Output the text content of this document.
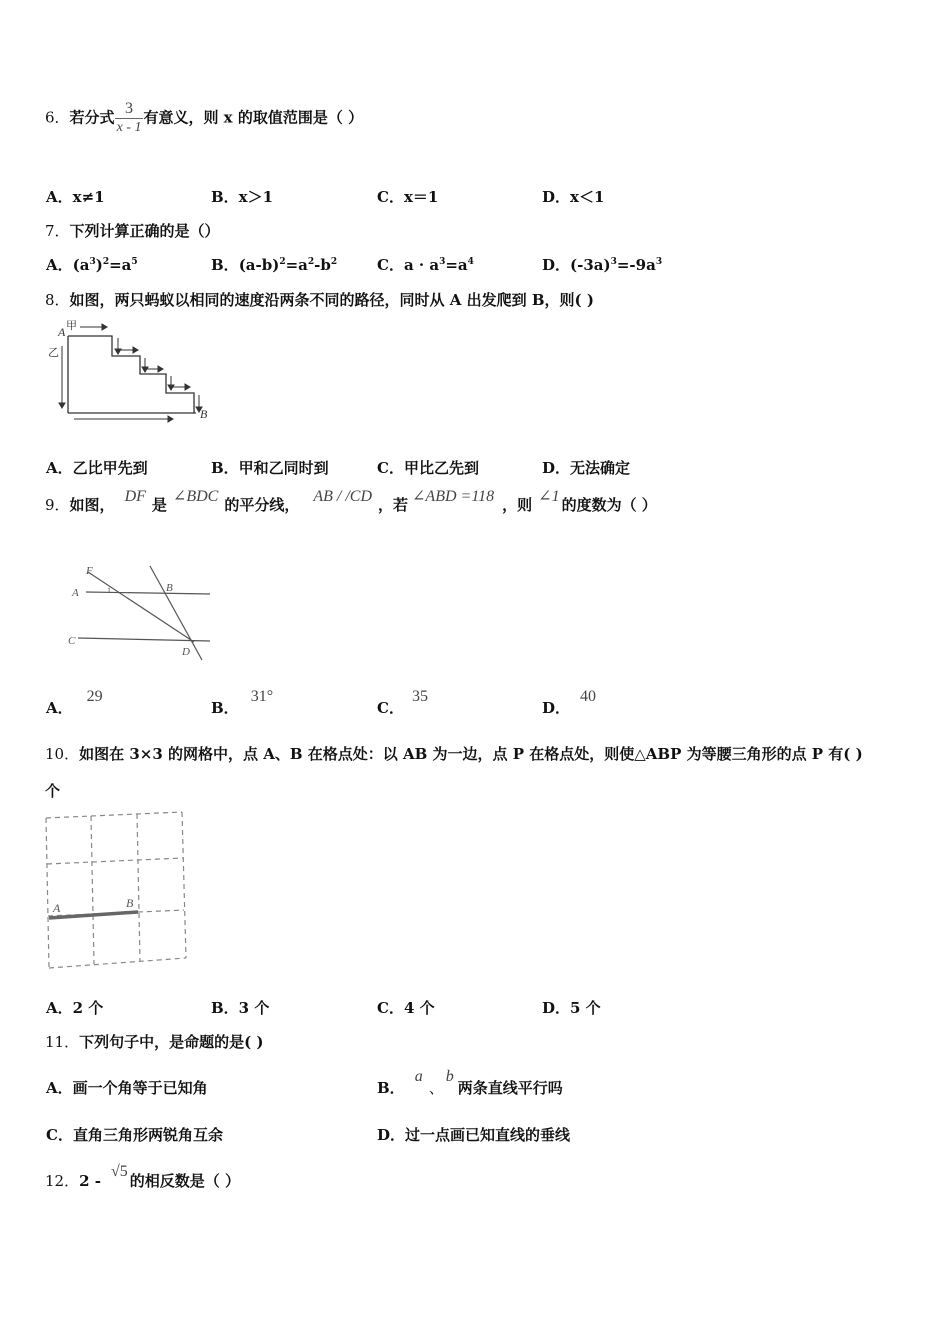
6．若分式 $\frac{3}{x - 1}$ 有意义，则 x 的取值范围是（ ）
A．x≠1	B．x＞1	C．x＝1	D．x＜1
7．下列计算正确的是（）
A．$(a^3)^2=a^5$	B．$(a-b)^2=a^2-b^2$	C．$a \cdot a^3=a^4$	D．$(-3a)^3=-9a^3$
8．如图，两只蚂蚁以相同的速度沿两条不同的路径，同时从 A 出发爬到 B，则( )
A 甲
乙
B
A．乙比甲先到	B．甲和乙同时到	C．甲比乙先到	D．无法确定
9．如图， DF 是 ∠BDC 的平分线， AB / /CD ，若 ∠ABD =118 ，则 ∠1 的度数为（ ）
F
A	B
C
D
1
A．29
B．31°
C．35
D．40
10．如图在 3×3 的网格中，点 A、B 在格点处：以 AB 为一边，点 P 在格点处，则使△ABP 为等腰三角形的点 P 有( )
个
A	B
A．2 个	B．3 个	C．4 个	D．5 个
11．下列句子中，是命题的是( )
A．画一个角等于已知角	B．a、b两条直线平行吗
C．直角三角形两锐角互余	D．过一点画已知直线的垂线
12．2 -√5的相反数是（ ）
